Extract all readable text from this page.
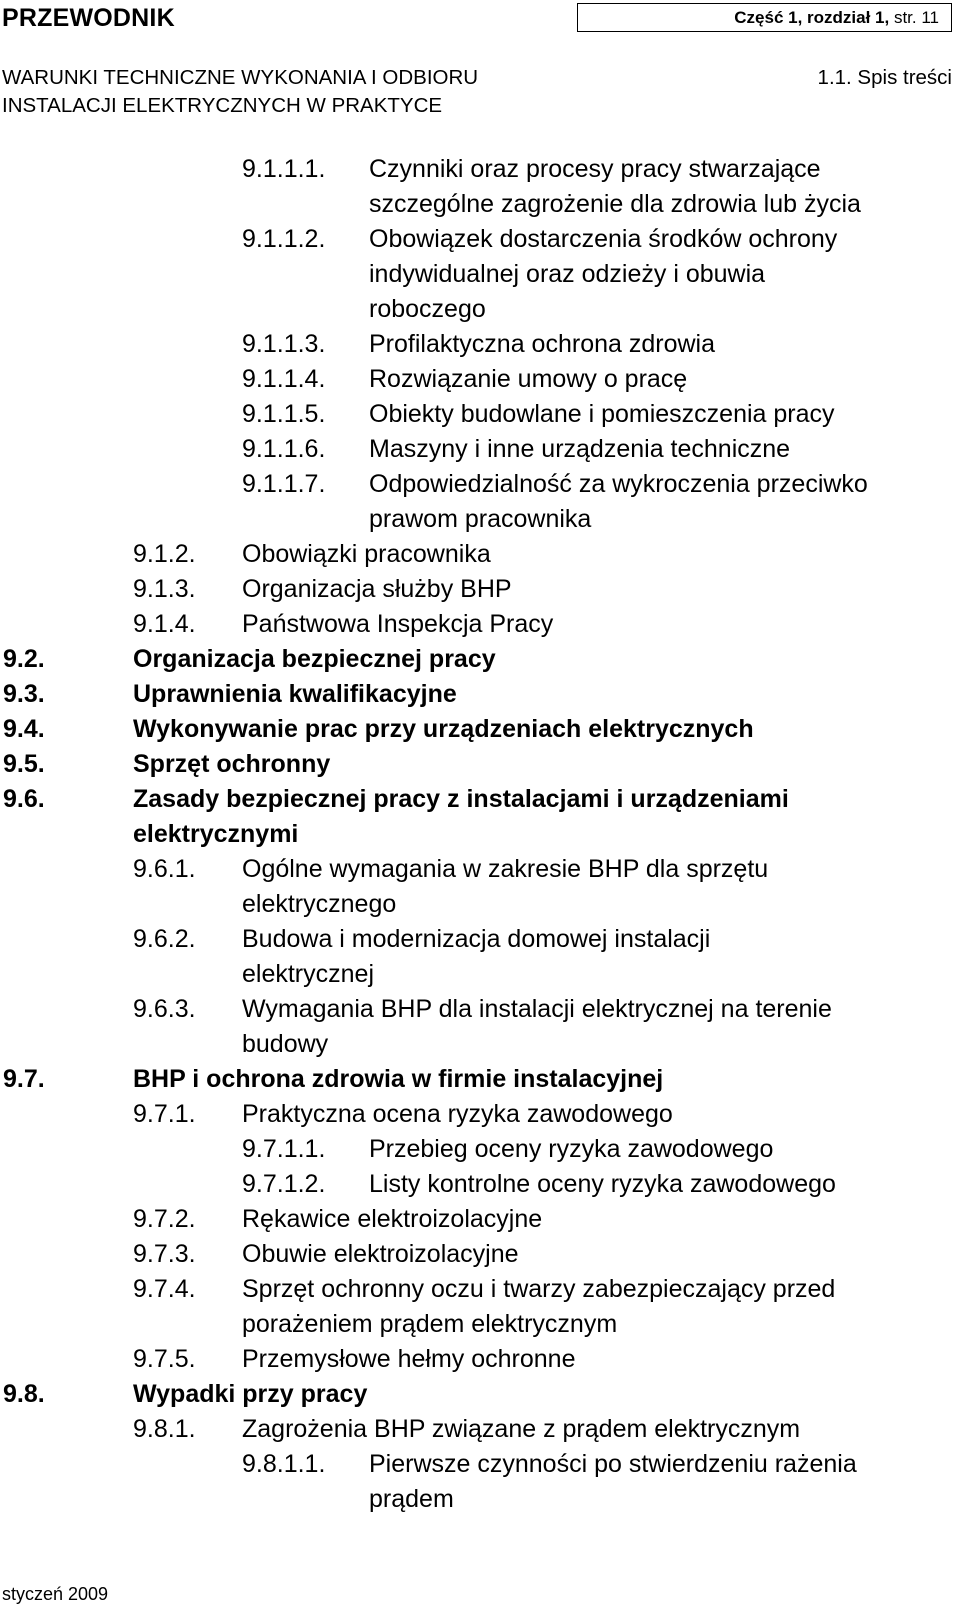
PRZEWODNIK	Część 1, rozdział 1, str. 11
WARUNKI TECHNICZNE WYKONANIA I ODBIORU
INSTALACJI ELEKTRYCZNYCH W PRAKTYCE
1.1. Spis treści
9.1.1.1. Czynniki oraz procesy pracy stwarzające
szczególne zagrożenie dla zdrowia lub życia
9.1.1.2. Obowiązek dostarczenia środków ochrony
indywidualnej oraz odzieży i obuwia
roboczego
9.1.1.3. Profilaktyczna ochrona zdrowia
9.1.1.4. Rozwiązanie umowy o pracę
9.1.1.5. Obiekty budowlane i pomieszczenia pracy
9.1.1.6. Maszyny i inne urządzenia techniczne
9.1.1.7. Odpowiedzialność za wykroczenia przeciwko
prawom pracownika
9.1.2. Obowiązki pracownika
9.1.3. Organizacja służby BHP
9.1.4. Państwowa Inspekcja Pracy
9.2.	Organizacja bezpiecznej pracy
9.3.	Uprawnienia kwalifikacyjne
9.4.	Wykonywanie prac przy urządzeniach elektrycznych
9.5.	Sprzęt ochronny
9.6.	Zasady bezpiecznej pracy z instalacjami i urządzeniami
elektrycznymi
9.6.1. Ogólne wymagania w zakresie BHP dla sprzętu
elektrycznego
9.6.2. Budowa i modernizacja domowej instalacji
elektrycznej
9.6.3. Wymagania BHP dla instalacji elektrycznej na terenie
budowy
9.7.	BHP i ochrona zdrowia w firmie instalacyjnej
9.7.1. Praktyczna ocena ryzyka zawodowego
9.7.1.1. Przebieg oceny ryzyka zawodowego
9.7.1.2. Listy kontrolne oceny ryzyka zawodowego
9.7.2. Rękawice elektroizolacyjne
9.7.3. Obuwie elektroizolacyjne
9.7.4. Sprzęt ochronny oczu i twarzy zabezpieczający przed
porażeniem prądem elektrycznym
9.7.5. Przemysłowe hełmy ochronne
9.8.	Wypadki przy pracy
9.8.1. Zagrożenia BHP związane z prądem elektrycznym
9.8.1.1. Pierwsze czynności po stwierdzeniu rażenia
prądem
styczeń 2009
